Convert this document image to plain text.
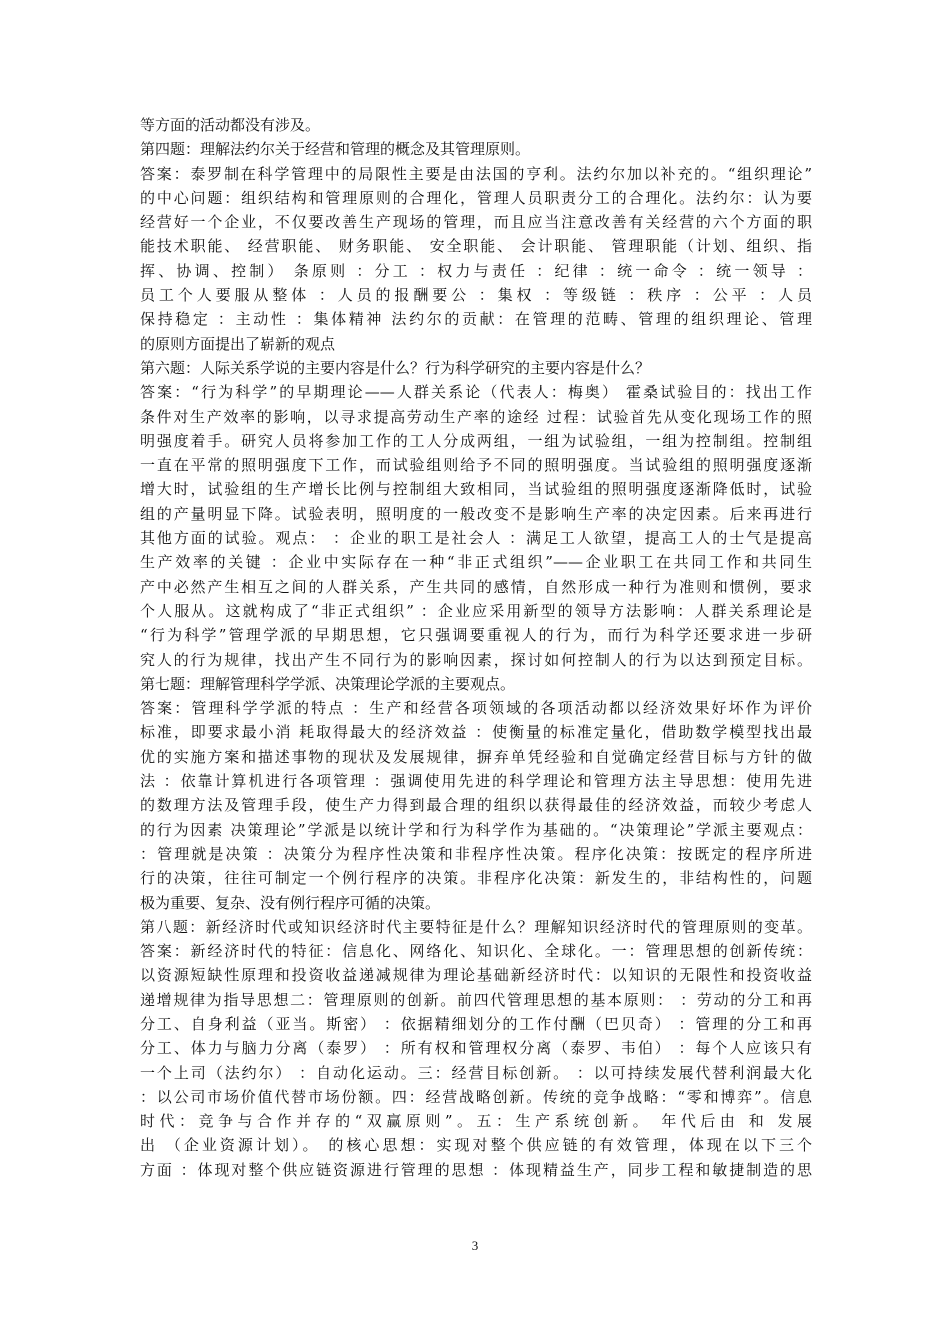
等方面的活动都没有涉及。
第四题：理解法约尔关于经营和管理的概念及其管理原则。
答案：泰罗制在科学管理中的局限性主要是由法国的亨利。法约尔加以补充的。“组织理论”
的中心问题：组织结构和管理原则的合理化，管理人员职责分工的合理化。法约尔：认为要
经营好一个企业，不仅要改善生产现场的管理，而且应当注意改善有关经营的六个方面的职
能技术职能、 经营职能、 财务职能、 安全职能、 会计职能、 管理职能（计划、组织、指
挥、协调、控制） 条原则 ：分工 ：权力与责任 ：纪律 ：统一命令 ：统一领导 ：
员工个人要服从整体 ：人员的报酬要公 ：集权 ：等级链 ：秩序 ：公平 ：人员
保持稳定 ：主动性 ：集体精神 法约尔的贡献：在管理的范畴、管理的组织理论、管理
的原则方面提出了崭新的观点
第六题：人际关系学说的主要内容是什么？行为科学研究的主要内容是什么？
答案：“行为科学”的早期理论——人群关系论（代表人：梅奥） 霍桑试验目的：找出工作
条件对生产效率的影响，以寻求提高劳动生产率的途经 过程：试验首先从变化现场工作的照
明强度着手。研究人员将参加工作的工人分成两组，一组为试验组，一组为控制组。控制组
一直在平常的照明强度下工作，而试验组则给予不同的照明强度。当试验组的照明强度逐渐
增大时，试验组的生产增长比例与控制组大致相同，当试验组的照明强度逐渐降低时，试验
组的产量明显下降。试验表明，照明度的一般改变不是影响生产率的决定因素。后来再进行
其他方面的试验。观点： ：企业的职工是社会人 ：满足工人欲望，提高工人的士气是提高
生产效率的关键 ：企业中实际存在一种“非正式组织”——企业职工在共同工作和共同生
产中必然产生相互之间的人群关系，产生共同的感情，自然形成一种行为准则和惯例，要求
个人服从。这就构成了“非正式组织” ：企业应采用新型的领导方法影响：人群关系理论是
“行为科学”管理学派的早期思想，它只强调要重视人的行为，而行为科学还要求进一步研
究人的行为规律，找出产生不同行为的影响因素，探讨如何控制人的行为以达到预定目标。
第七题：理解管理科学学派、决策理论学派的主要观点。
答案：管理科学学派的特点 ：生产和经营各项领域的各项活动都以经济效果好坏作为评价
标准，即要求最小消 耗取得最大的经济效益 ：使衡量的标准定量化，借助数学模型找出最
优的实施方案和描述事物的现状及发展规律，摒弃单凭经验和自觉确定经营目标与方针的做
法 ：依靠计算机进行各项管理 ：强调使用先进的科学理论和管理方法主导思想：使用先进
的数理方法及管理手段，使生产力得到最合理的组织以获得最佳的经济效益，而较少考虑人
的行为因素 决策理论”学派是以统计学和行为科学作为基础的。“决策理论”学派主要观点：
：管理就是决策 ：决策分为程序性决策和非程序性决策。程序化决策：按既定的程序所进
行的决策，往往可制定一个例行程序的决策。非程序化决策：新发生的，非结构性的，问题
极为重要、复杂、没有例行程序可循的决策。
第八题：新经济时代或知识经济时代主要特征是什么？理解知识经济时代的管理原则的变革。
答案：新经济时代的特征：信息化、网络化、知识化、全球化。一：管理思想的创新传统：
以资源短缺性原理和投资收益递减规律为理论基础新经济时代：以知识的无限性和投资收益
递增规律为指导思想二：管理原则的创新。前四代管理思想的基本原则： ：劳动的分工和再
分工、自身利益（亚当。斯密） ：依据精细划分的工作付酬（巴贝奇） ：管理的分工和再
分工、体力与脑力分离（泰罗） ：所有权和管理权分离（泰罗、韦伯） ：每个人应该只有
一个上司（法约尔） ：自动化运动。三：经营目标创新。 ：以可持续发展代替利润最大化
：以公司市场价值代替市场份额。四：经营战略创新。传统的竞争战略：“零和博弈”。信息
时代：竞争与合作并存的“双赢原则”。五：生产系统创新。 年代后由 和 发展
出 （企业资源计划）。 的核心思想：实现对整个供应链的有效管理，体现在以下三个
方面 ：体现对整个供应链资源进行管理的思想 ：体现精益生产，同步工程和敏捷制造的思
3
